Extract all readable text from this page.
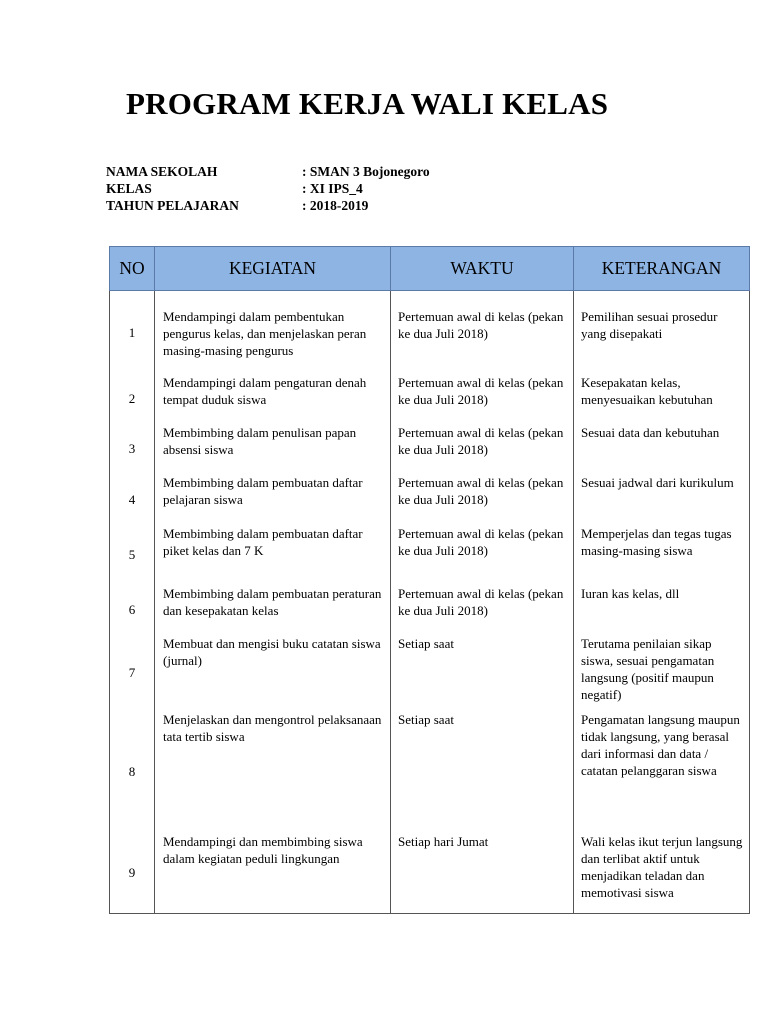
PROGRAM KERJA WALI KELAS
NAMA SEKOLAH	: SMAN 3 Bojonegoro
KELAS	: XI IPS_4
TAHUN PELAJARAN	: 2018-2019
NO	KEGIATAN	WAKTU	KETERANGAN
1	Mendampingi dalam pembentukan pengurus kelas, dan menjelaskan peran masing-masing pengurus	Pertemuan awal di kelas (pekan ke dua Juli 2018)	Pemilihan sesuai prosedur yang disepakati
2	Mendampingi dalam pengaturan denah tempat duduk siswa	Pertemuan awal di kelas (pekan ke dua Juli 2018)	Kesepakatan kelas, menyesuaikan kebutuhan
3	Membimbing dalam penulisan papan absensi siswa	Pertemuan awal di kelas (pekan ke dua Juli 2018)	Sesuai data dan kebutuhan
4	Membimbing dalam pembuatan daftar pelajaran siswa	Pertemuan awal di kelas (pekan ke dua Juli 2018)	Sesuai jadwal dari kurikulum
5	Membimbing dalam pembuatan daftar piket kelas dan 7 K	Pertemuan awal di kelas (pekan ke dua Juli 2018)	Memperjelas dan tegas tugas masing-masing siswa
6	Membimbing dalam pembuatan peraturan dan kesepakatan kelas	Pertemuan awal di kelas (pekan ke dua Juli 2018)	Iuran kas kelas, dll
7	Membuat dan mengisi buku catatan siswa (jurnal)	Setiap saat	Terutama penilaian sikap siswa, sesuai pengamatan langsung (positif maupun negatif)
8	Menjelaskan dan mengontrol pelaksanaan tata tertib siswa	Setiap saat	Pengamatan langsung maupun tidak langsung, yang berasal dari informasi dan data / catatan pelanggaran siswa
9	Mendampingi dan membimbing siswa dalam kegiatan peduli lingkungan	Setiap hari Jumat	Wali kelas ikut terjun langsung dan terlibat aktif untuk menjadikan teladan dan memotivasi siswa
